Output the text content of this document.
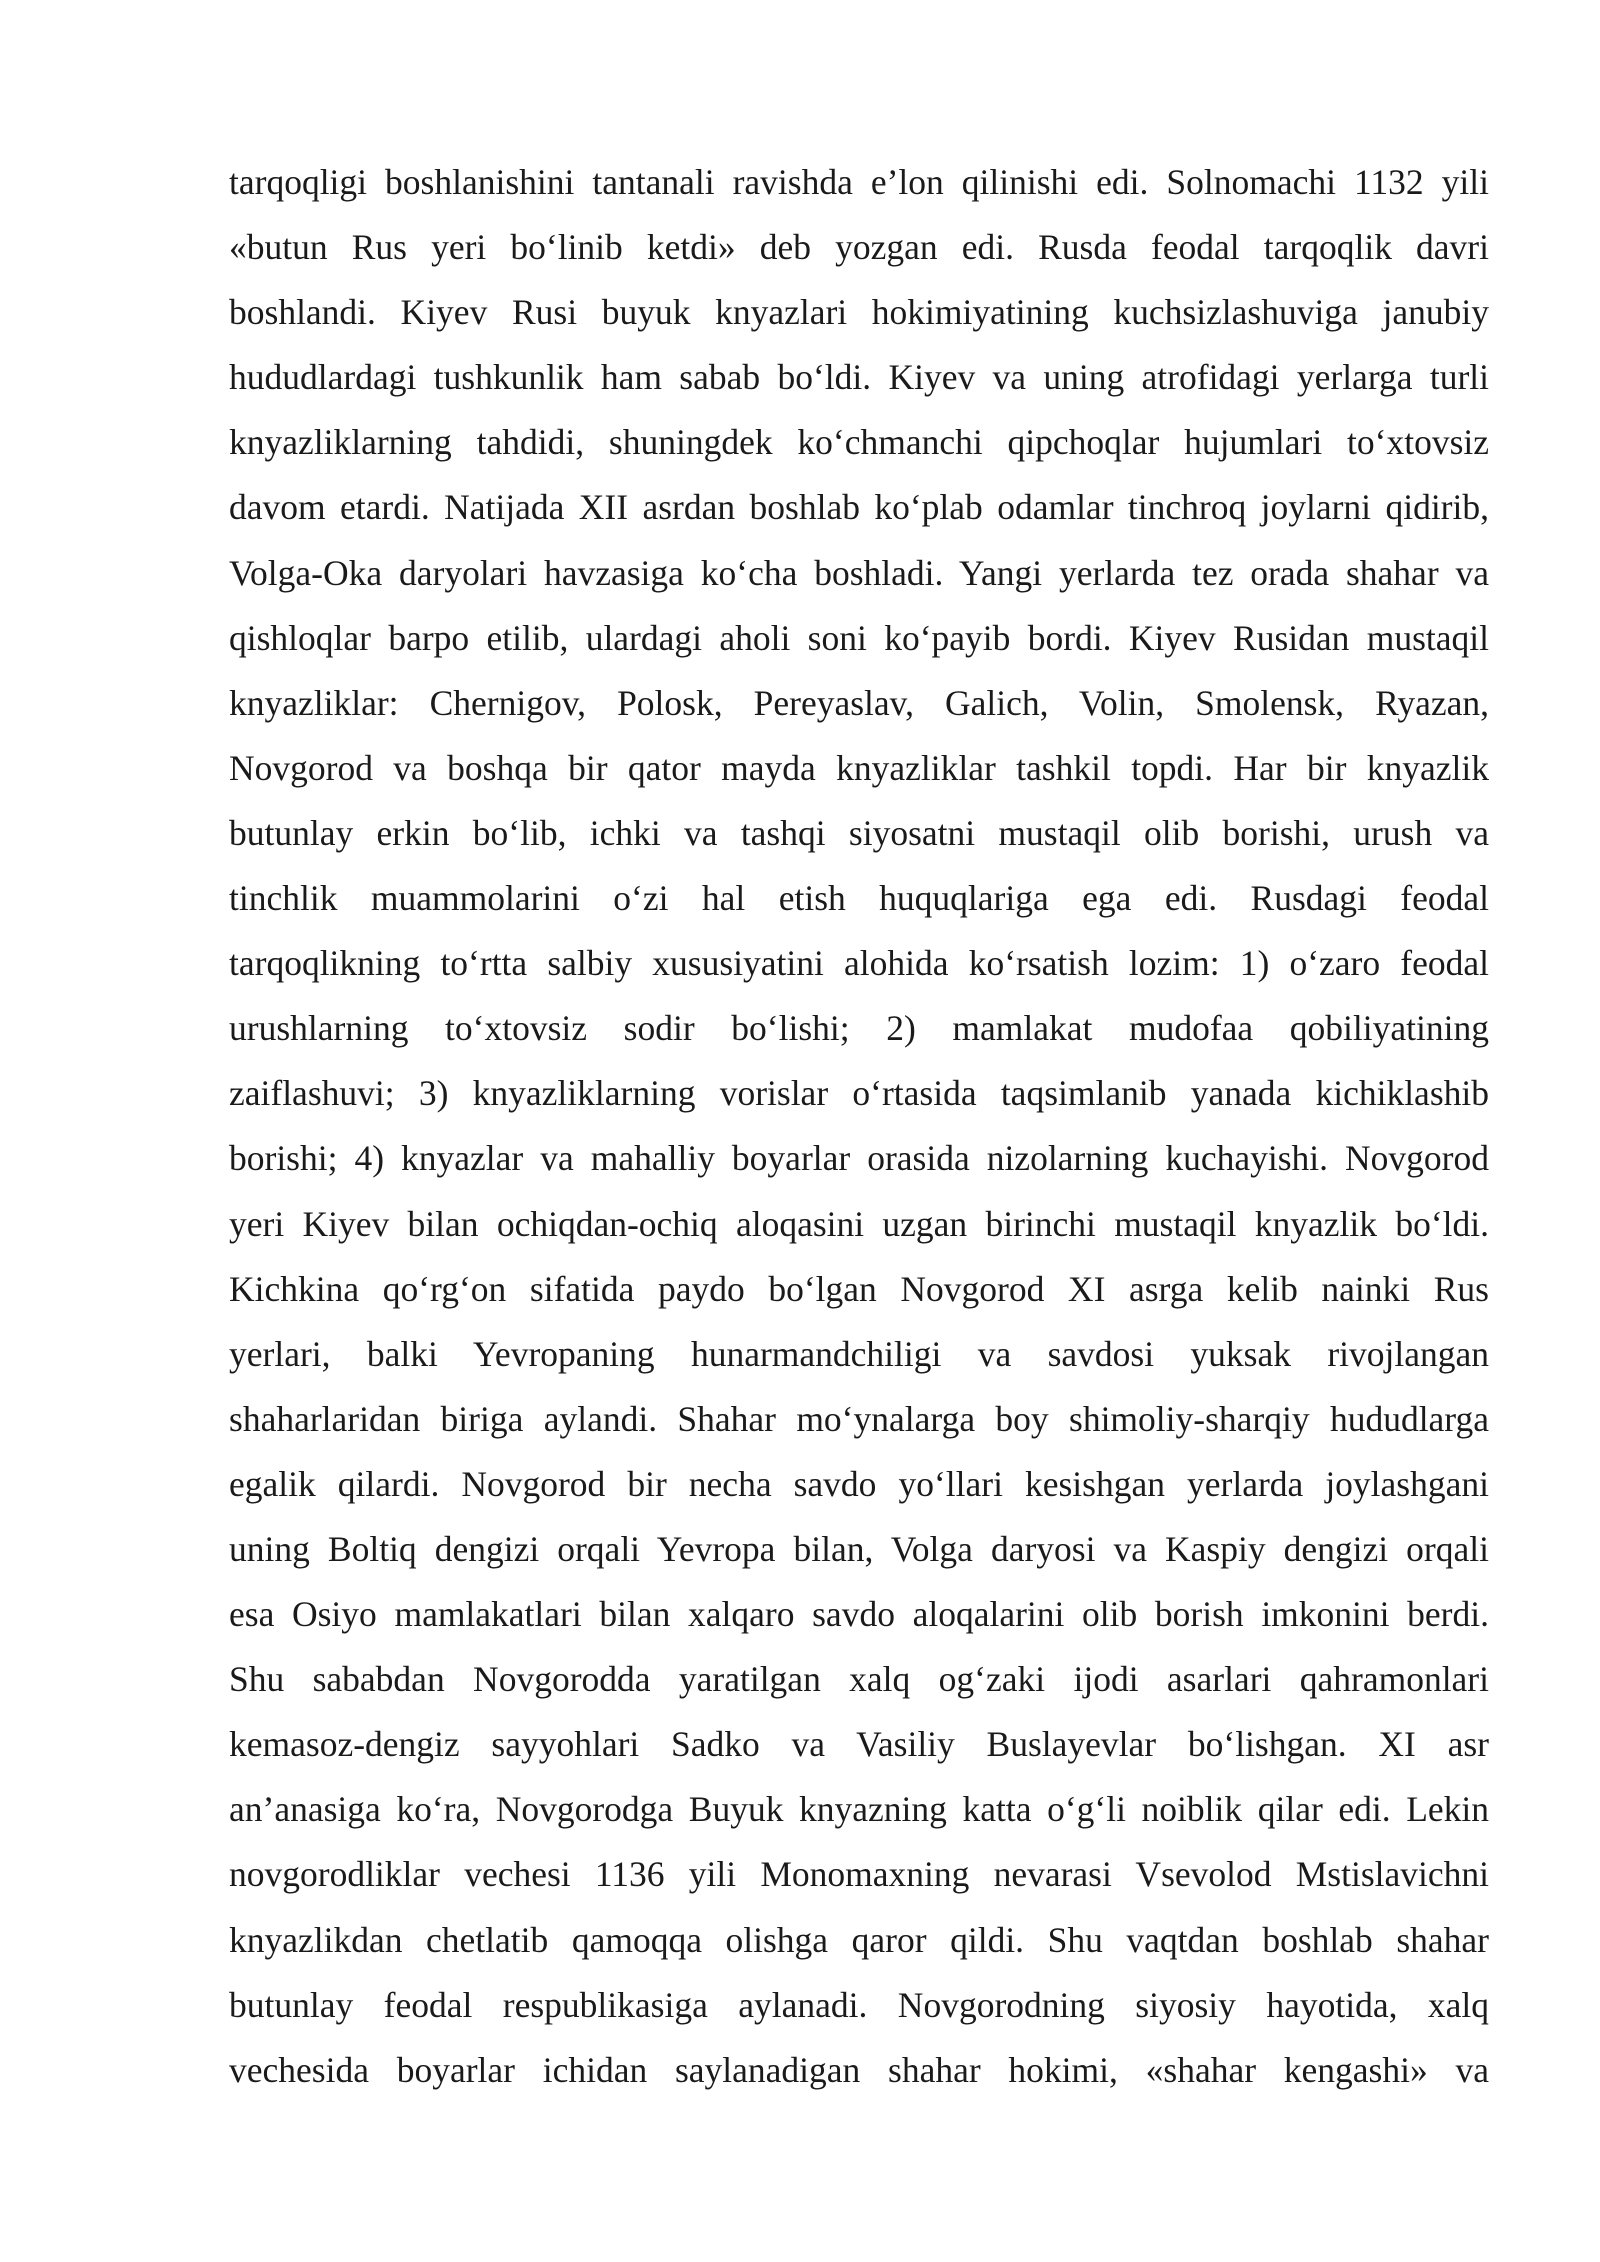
tarqoqligi boshlanishini tantanali ravishda e’lon qilinishi edi. Solnomachi 1132 yili
«butun Rus yeri bo‘linib ketdi» deb yozgan edi. Rusda feodal tarqoqlik davri
boshlandi. Kiyev Rusi buyuk knyazlari hokimiyatining kuchsizlashuviga janubiy
hududlardagi tushkunlik ham sabab bo‘ldi. Kiyev va uning atrofidagi yerlarga turli
knyazliklarning tahdidi, shuningdek ko‘chmanchi qipchoqlar hujumlari to‘xtovsiz
davom etardi. Natijada XII asrdan boshlab ko‘plab odamlar tinchroq joylarni qidirib,
Volga-Oka daryolari havzasiga ko‘cha boshladi. Yangi yerlarda tez orada shahar va
qishloqlar barpo etilib, ulardagi aholi soni ko‘payib bordi. Kiyev Rusidan mustaqil
knyazliklar: Chernigov, Polosk, Pereyaslav, Galich, Volin, Smolensk, Ryazan,
Novgorod va boshqa bir qator mayda knyazliklar tashkil topdi. Har bir knyazlik
butunlay erkin bo‘lib, ichki va tashqi siyosatni mustaqil olib borishi, urush va
tinchlik muammolarini o‘zi hal etish huquqlariga ega edi. Rusdagi feodal
tarqoqlikning to‘rtta salbiy xususiyatini alohida ko‘rsatish lozim: 1) o‘zaro feodal
urushlarning to‘xtovsiz sodir bo‘lishi; 2) mamlakat mudofaa qobiliyatining
zaiflashuvi; 3) knyazliklarning vorislar o‘rtasida taqsimlanib yanada kichiklashib
borishi; 4) knyazlar va mahalliy boyarlar orasida nizolarning kuchayishi. Novgorod
yeri Kiyev bilan ochiqdan-ochiq aloqasini uzgan birinchi mustaqil knyazlik bo‘ldi.
Kichkina qo‘rg‘on sifatida paydo bo‘lgan Novgorod XI asrga kelib nainki Rus
yerlari, balki Yevropaning hunarmandchiligi va savdosi yuksak rivojlangan
shaharlaridan biriga aylandi. Shahar mo‘ynalarga boy shimoliy-sharqiy hududlarga
egalik qilardi. Novgorod bir necha savdo yo‘llari kesishgan yerlarda joylashgani
uning Boltiq dengizi orqali Yevropa bilan, Volga daryosi va Kaspiy dengizi orqali
esa Osiyo mamlakatlari bilan xalqaro savdo aloqalarini olib borish imkonini berdi.
Shu sababdan Novgorodda yaratilgan xalq og‘zaki ijodi asarlari qahramonlari
kemasoz-dengiz sayyohlari Sadko va Vasiliy Buslayevlar bo‘lishgan. XI asr
an’anasiga ko‘ra, Novgorodga Buyuk knyazning katta o‘g‘li noiblik qilar edi. Lekin
novgorodliklar vechesi 1136 yili Monomaxning nevarasi Vsevolod Mstislavichni
knyazlikdan chetlatib qamoqqa olishga qaror qildi. Shu vaqtdan boshlab shahar
butunlay feodal respublikasiga aylanadi. Novgorodning siyosiy hayotida, xalq
vechesida boyarlar ichidan saylanadigan shahar hokimi, «shahar kengashi» va
